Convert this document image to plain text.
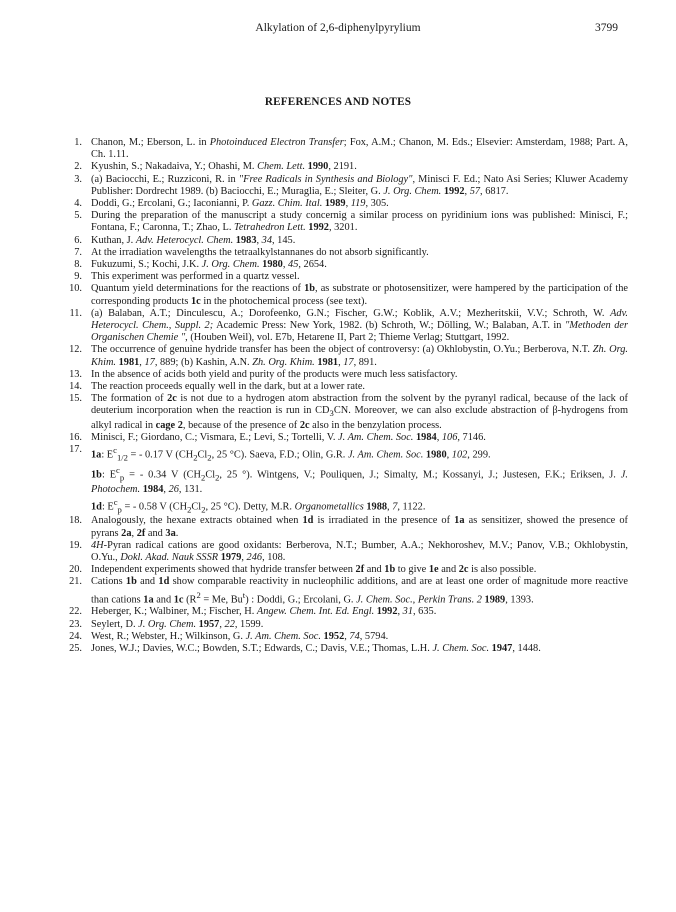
Alkylation of 2,6-diphenylpyrylium	3799
REFERENCES AND NOTES
1. Chanon, M.; Eberson, L. in Photoinduced Electron Transfer; Fox, A.M.; Chanon, M. Eds.; Elsevier: Amsterdam, 1988; Part. A, Ch. 1.11.
2. Kyushin, S.; Nakadaiva, Y.; Ohashi, M. Chem. Lett. 1990, 2191.
3. (a) Baciocchi, E.; Ruzziconi, R. in "Free Radicals in Synthesis and Biology", Minisci F. Ed.; Nato Asi Series; Kluwer Academy Publisher: Dordrecht 1989. (b) Baciocchi, E.; Muraglia, E.; Sleiter, G. J. Org. Chem. 1992, 57, 6817.
4. Doddi, G.; Ercolani, G.; Iaconianni, P. Gazz. Chim. Ital. 1989, 119, 305.
5. During the preparation of the manuscript a study concernig a similar process on pyridinium ions was published: Minisci, F.; Fontana, F.; Caronna, T.; Zhao, L. Tetrahedron Lett. 1992, 3201.
6. Kuthan, J. Adv. Heterocycl. Chem. 1983, 34, 145.
7. At the irradiation wavelengths the tetraalkylstannanes do not absorb significantly.
8. Fukuzumi, S.; Kochi, J.K. J. Org. Chem. 1980, 45, 2654.
9. This experiment was performed in a quartz vessel.
10. Quantum yield determinations for the reactions of 1b, as substrate or photosensitizer, were hampered by the participation of the corresponding products 1c in the photochemical process (see text).
11. (a) Balaban, A.T.; Dinculescu, A.; Dorofeenko, G.N.; Fischer, G.W.; Koblik, A.V.; Mezheritskii, V.V.; Schroth, W. Adv. Heterocycl. Chem., Suppl. 2; Academic Press: New York, 1982. (b) Schroth, W.; Dölling, W.; Balaban, A.T. in "Methoden der Organischen Chemie ", (Houben Weil), vol. E7b, Hetarene II, Part 2; Thieme Verlag; Stuttgart, 1992.
12. The occurrence of genuine hydride transfer has been the object of controversy: (a) Okhlobystin, O.Yu.; Berberova, N.T. Zh. Org. Khim. 1981, 17, 889; (b) Kashin, A.N. Zh. Org. Khim. 1981, 17, 891.
13. In the absence of acids both yield and purity of the products were much less satisfactory.
14. The reaction proceeds equally well in the dark, but at a lower rate.
15. The formation of 2c is not due to a hydrogen atom abstraction from the solvent by the pyranyl radical, because of the lack of deuterium incorporation when the reaction is run in $CD_3CN$. Moreover, we can also exclude abstraction of β-hydrogens from alkyl radical in cage 2, because of the presence of 2c also in the benzylation process.
16. Minisci, F.; Giordano, C.; Vismara, E.; Levi, S.; Tortelli, V. J. Am. Chem. Soc. 1984, 106, 7146.
17. 1a: $E^c_{1/2}$ = - 0.17 V ($CH_2Cl_2$, 25 °C). Saeva, F.D.; Olin, G.R. J. Am. Chem. Soc. 1980, 102, 299.
1b: $E^c_p$ = - 0.34 V ($CH_2Cl_2$, 25 °). Wintgens, V.; Pouliquen, J.; Simalty, M.; Kossanyi, J.; Justesen, F.K.; Eriksen, J. J. Photochem. 1984, 26, 131.
1d: $E^c_p$ = - 0.58 V ($CH_2Cl_2$, 25 °C). Detty, M.R. Organometallics 1988, 7, 1122.
18. Analogously, the hexane extracts obtained when 1d is irradiated in the presence of 1a as sensitizer, showed the presence of pyrans 2a, 2f and 3a.
19. 4H-Pyran radical cations are good oxidants: Berberova, N.T.; Bumber, A.A.; Nekhoroshev, M.V.; Panov, V.B.; Okhlobystin, O.Yu., Dokl. Akad. Nauk SSSR 1979, 246, 108.
20. Independent experiments showed that hydride transfer between 2f and 1b to give 1e and 2c is also possible.
21. Cations 1b and 1d show comparable reactivity in nucleophilic additions, and are at least one order of magnitude more reactive than cations 1a and 1c ($R^2 = Me$, Bu$^t$) : Doddi, G.; Ercolani, G. J. Chem. Soc., Perkin Trans. 2 1989, 1393.
22. Heberger, K.; Walbiner, M.; Fischer, H. Angew. Chem. Int. Ed. Engl. 1992, 31, 635.
23. Seylert, D. J. Org. Chem. 1957, 22, 1599.
24. West, R.; Webster, H.; Wilkinson, G. J. Am. Chem. Soc. 1952, 74, 5794.
25. Jones, W.J.; Davies, W.C.; Bowden, S.T.; Edwards, C.; Davis, V.E.; Thomas, L.H. J. Chem. Soc. 1947, 1448.
